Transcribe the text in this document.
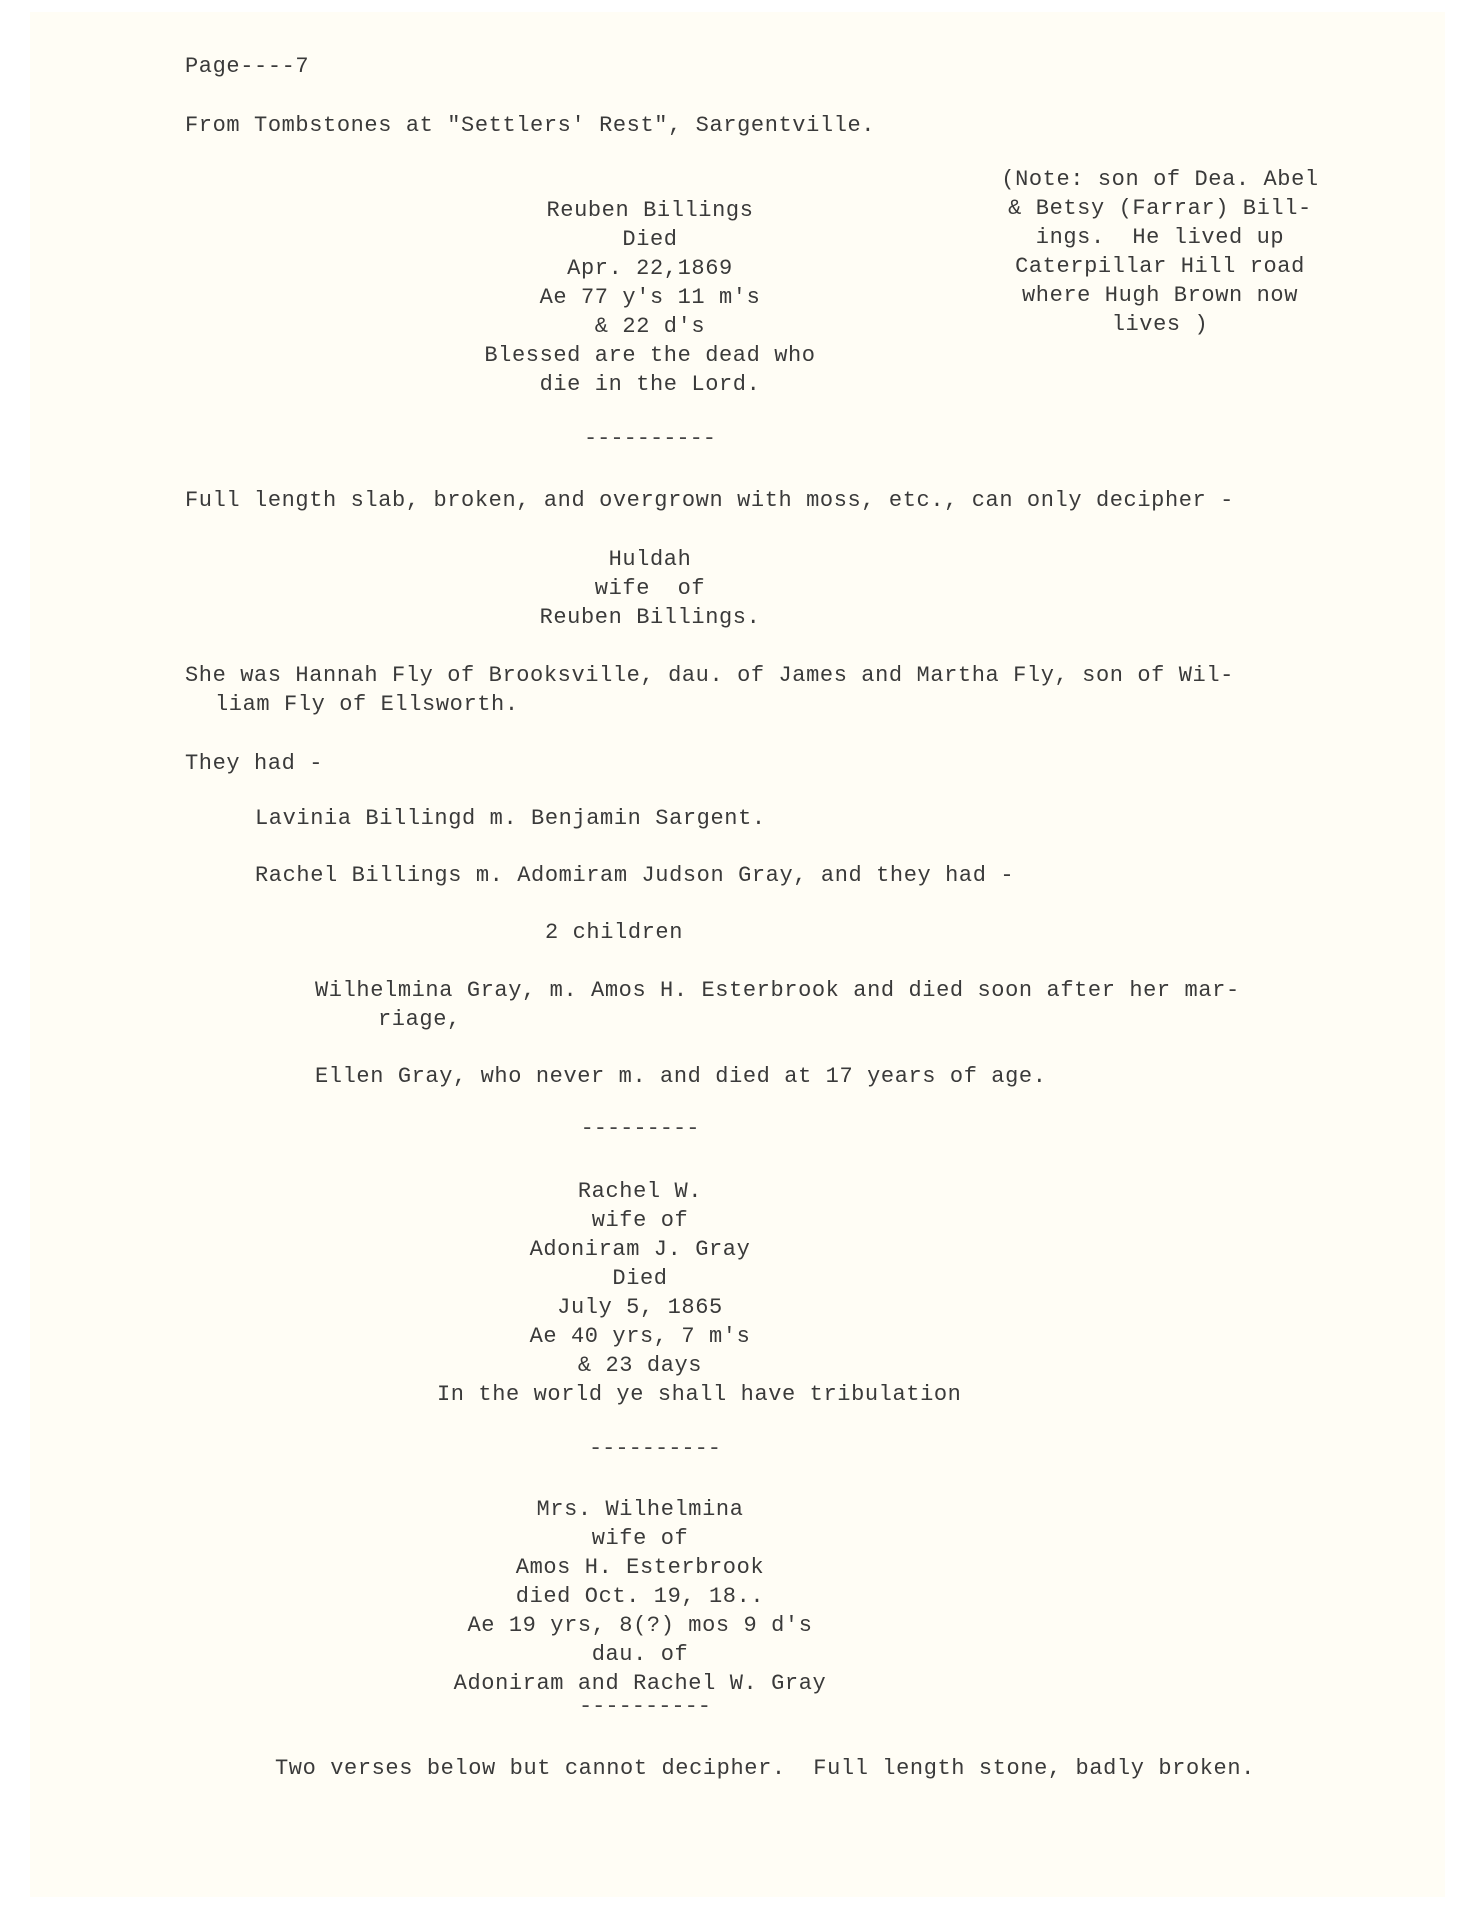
Page----7
From Tombstones at "Settlers' Rest", Sargentville.
Reuben Billings
Died
Apr. 22,1869
Ae 77 y's 11 m's
& 22 d's
Blessed are the dead who
die in the Lord.
(Note: son of Dea. Abel
& Betsy (Farrar) Bill-
ings.  He lived up
Caterpillar Hill road
where Hugh Brown now
lives )
----------
Full length slab, broken, and overgrown with moss, etc., can only decipher -
Huldah
wife  of
Reuben Billings.
She was Hannah Fly of Brooksville, dau. of James and Martha Fly, son of Wil-
liam Fly of Ellsworth.
They had -
Lavinia Billingd m. Benjamin Sargent.
Rachel Billings m. Adomiram Judson Gray, and they had -
2 children
Wilhelmina Gray, m. Amos H. Esterbrook and died soon after her mar-
riage,
Ellen Gray, who never m. and died at 17 years of age.
---------
Rachel W.
wife of
Adoniram J. Gray
Died
July 5, 1865
Ae 40 yrs, 7 m's
& 23 days
In the world ye shall have tribulation
----------
Mrs. Wilhelmina
wife of
Amos H. Esterbrook
died Oct. 19, 18..
Ae 19 yrs, 8(?) mos 9 d's
dau. of
Adoniram and Rachel W. Gray
----------
Two verses below but cannot decipher.  Full length stone, badly broken.
